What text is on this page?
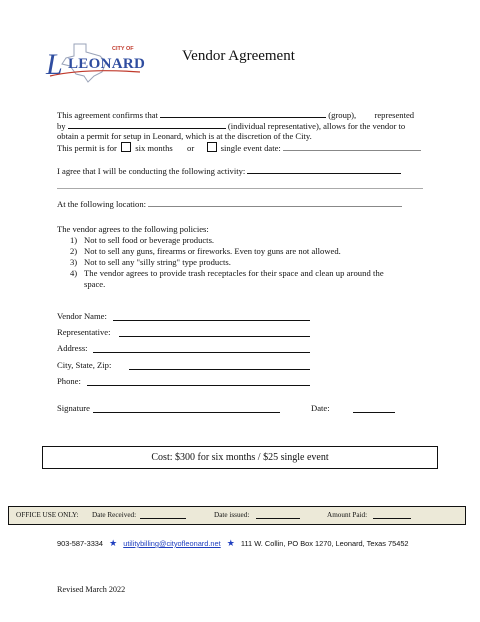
CITY OF
L LEONARD Vendor Agreement
This agreement confirms that	(group), represented
by	(individual representative), allows for the vendor to
obtain a permit for setup in Leonard, which is at the discretion of the City.
This permit is for six months or	single event date:
I agree that I will be conducting the following activity:
At the following location:
The vendor agrees to the following policies:
1) Not to sell food or beverage products.
2) Not to sell any guns, firearms or fireworks. Even toy guns are not allowed.
3) Not to sell any "silly string" type products.
4) The vendor agrees to provide trash receptacles for their space and clean up around the
space.
Vendor Name:
Representative:
Address:
City, State, Zip:
Phone:
Signature	Date:
Cost: $300 for six months / $25 single event
OFFICE USE ONLY: Date Received:	Date issued:	Amount Paid:
903-587-3334 ★ utilitybilling@cityofleonard.net ★ 111 W. Collin, PO Box 1270, Leonard, Texas 75452
Revised March 2022
